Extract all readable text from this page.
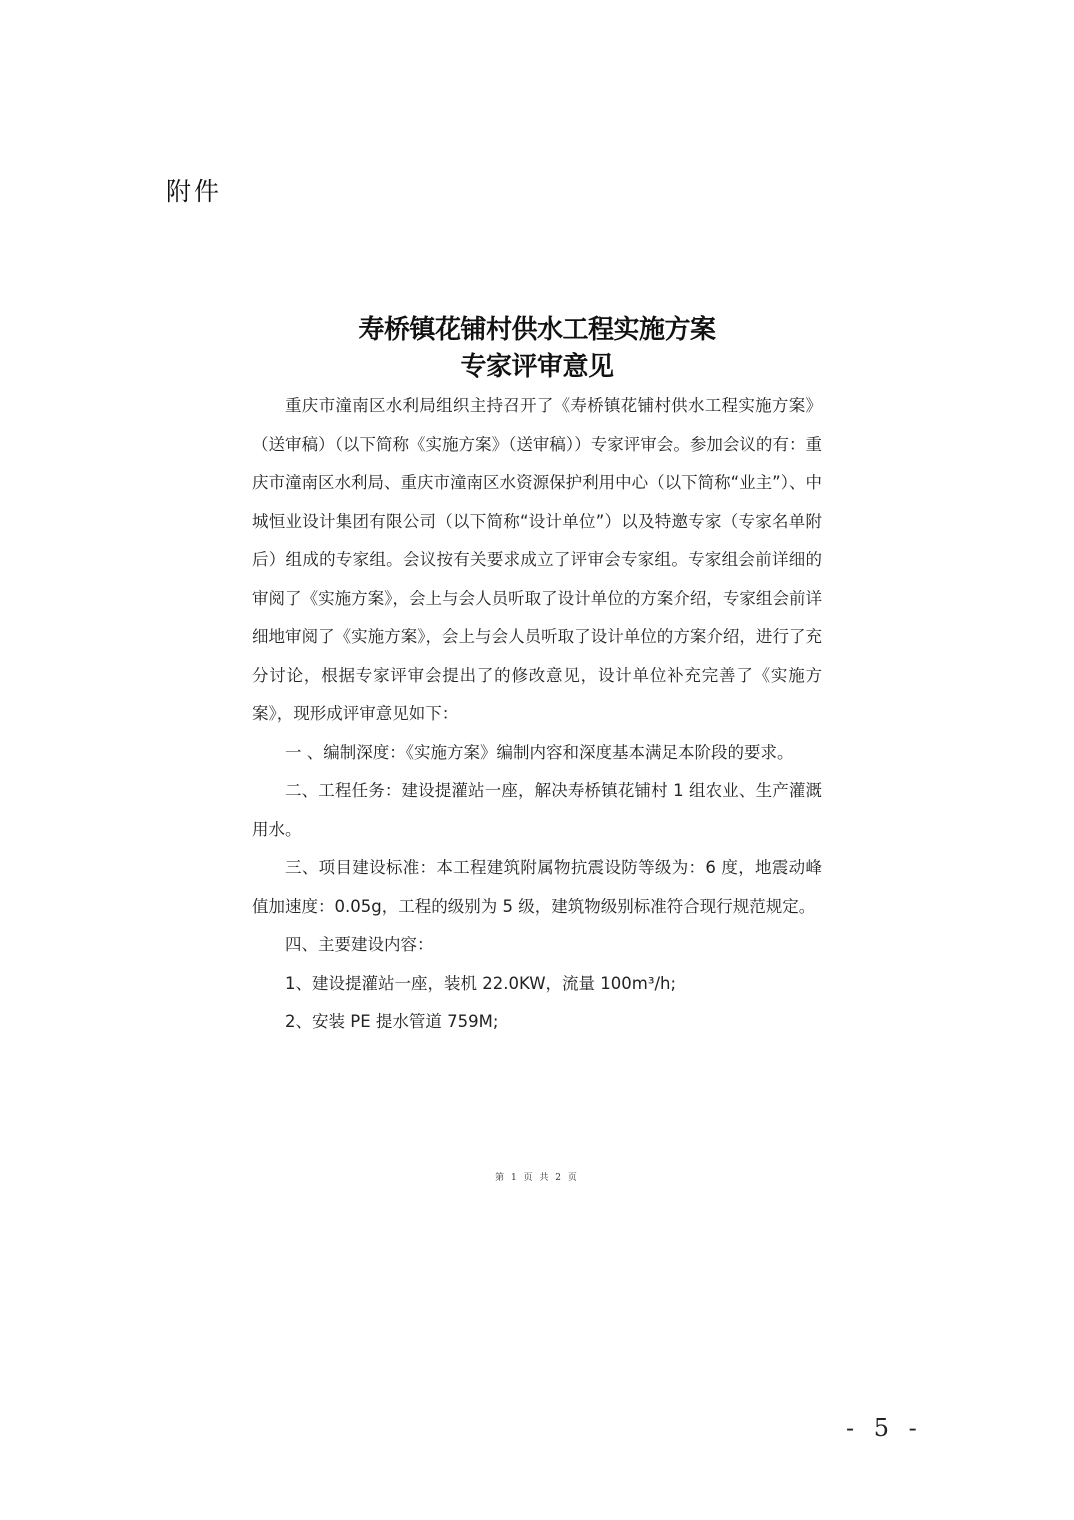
附件
寿桥镇花铺村供水工程实施方案
专家评审意见

重庆市潼南区水利局组织主持召开了《寿桥镇花铺村供水工程实施方案》（送审稿）（以下简称《实施方案》（送审稿））专家评审会。参加会议的有：重庆市潼南区水利局、重庆市潼南区水资源保护利用中心（以下简称“业主”）、中城恒业设计集团有限公司（以下简称“设计单位”）以及特邀专家（专家名单附后）组成的专家组。会议按有关要求成立了评审会专家组。专家组会前详细的审阅了《实施方案》，会上与会人员听取了设计单位的方案介绍，专家组会前详细地审阅了《实施方案》，会上与会人员听取了设计单位的方案介绍，进行了充分讨论，根据专家评审会提出了的修改意见，设计单位补充完善了《实施方案》，现形成评审意见如下：

一 、编制深度：《实施方案》编制内容和深度基本满足本阶段的要求。

二、工程任务：建设提灌站一座，解决寿桥镇花铺村 1 组农业、生产灌溉用水。

三、项目建设标准：本工程建筑附属物抗震设防等级为：6 度，地震动峰值加速度：0.05g，工程的级别为 5 级，建筑物级别标准符合现行规范规定。

四、主要建设内容：

1、建设提灌站一座，装机 22.0KW，流量 100m³/h;

2、安装 PE 提水管道 759M;

第 1 页 共 2 页
- 5 -
